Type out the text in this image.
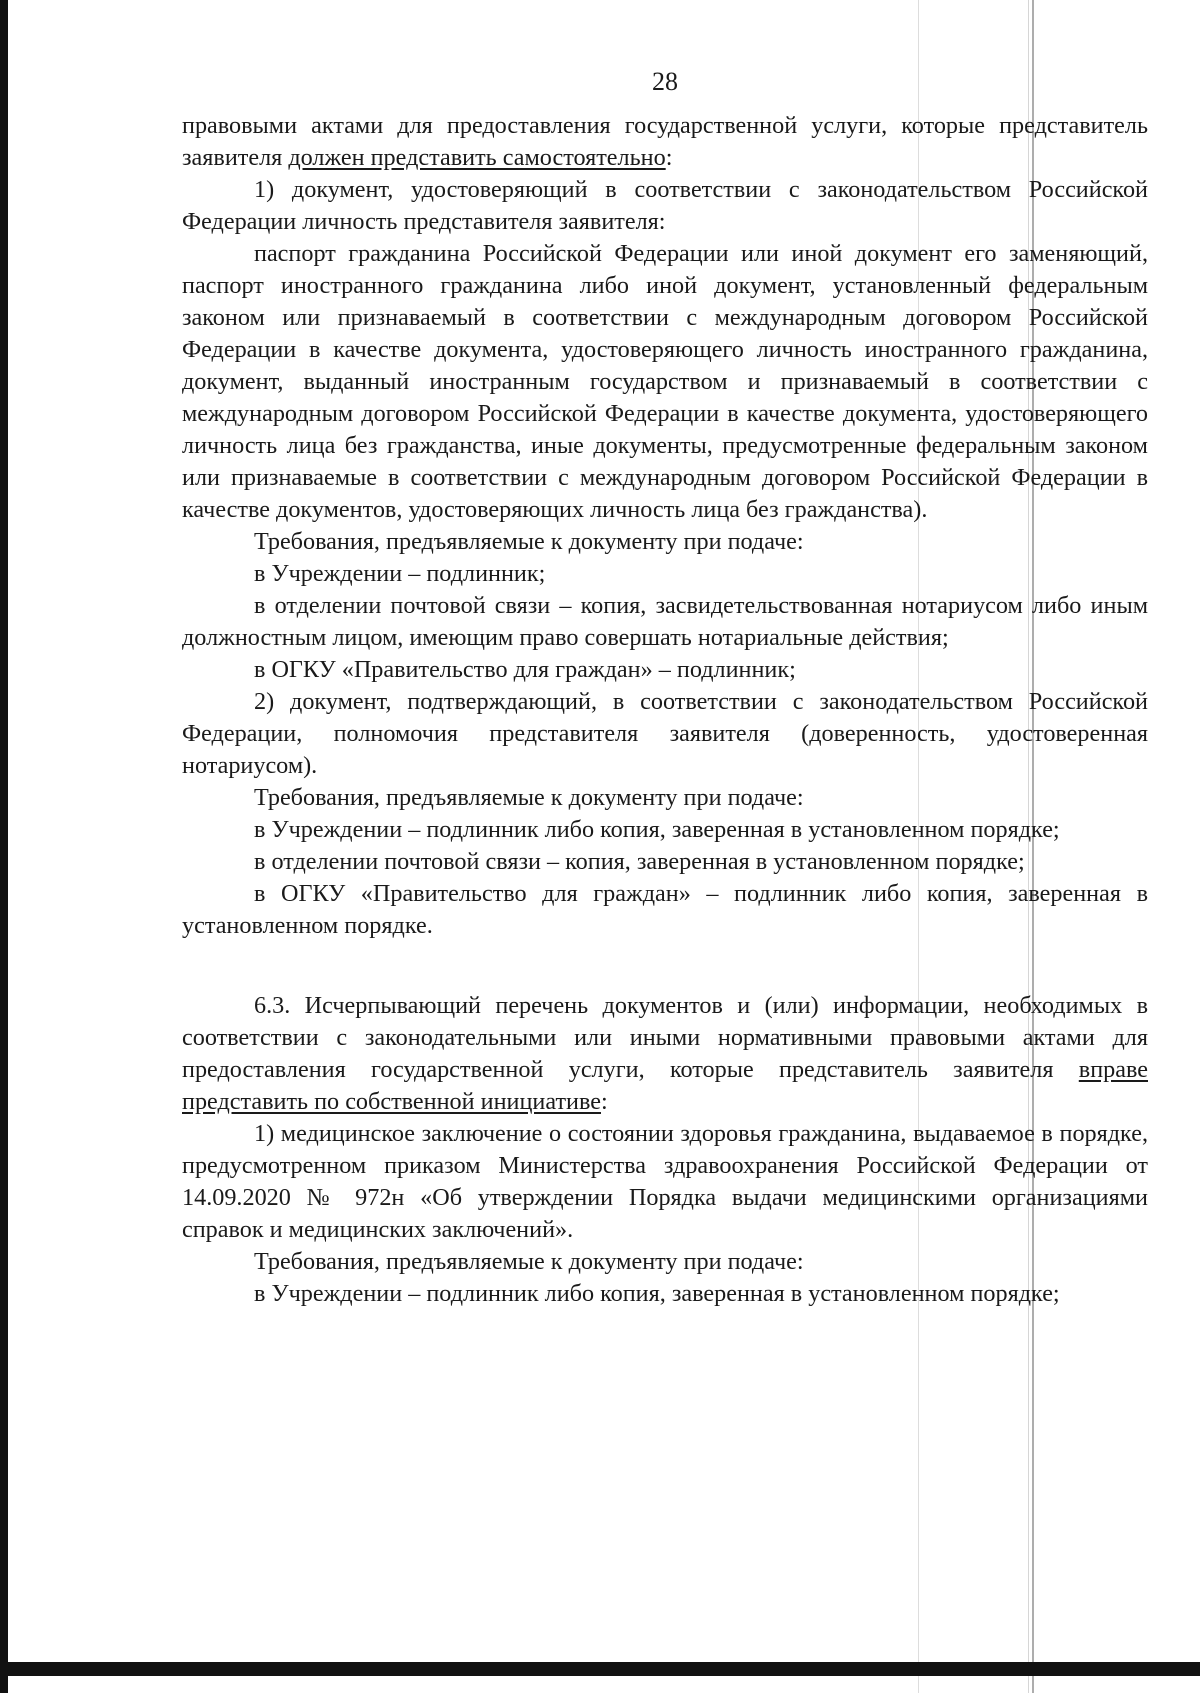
28

правовыми актами для предоставления государственной услуги, которые представитель заявителя должен представить самостоятельно:

1) документ, удостоверяющий в соответствии с законодательством Российской Федерации личность представителя заявителя:

паспорт гражданина Российской Федерации или иной документ его заменяющий, паспорт иностранного гражданина либо иной документ, установленный федеральным законом или признаваемый в соответствии с международным договором Российской Федерации в качестве документа, удостоверяющего личность иностранного гражданина, документ, выданный иностранным государством и признаваемый в соответствии с международным договором Российской Федерации в качестве документа, удостоверяющего личность лица без гражданства, иные документы, предусмотренные федеральным законом или признаваемые в соответствии с международным договором Российской Федерации в качестве документов, удостоверяющих личность лица без гражданства).

Требования, предъявляемые к документу при подаче:

в Учреждении – подлинник;

в отделении почтовой связи – копия, засвидетельствованная нотариусом либо иным должностным лицом, имеющим право совершать нотариальные действия;

в ОГКУ «Правительство для граждан» – подлинник;

2) документ, подтверждающий, в соответствии с законодательством Российской Федерации, полномочия представителя заявителя (доверенность, удостоверенная нотариусом).

Требования, предъявляемые к документу при подаче:

в Учреждении – подлинник либо копия, заверенная в установленном порядке;

в отделении почтовой связи – копия, заверенная в установленном порядке;

в ОГКУ «Правительство для граждан» – подлинник либо копия, заверенная в установленном порядке.

6.3. Исчерпывающий перечень документов и (или) информации, необходимых в соответствии с законодательными или иными нормативными правовыми актами для предоставления государственной услуги, которые представитель заявителя вправе представить по собственной инициативе:

1) медицинское заключение о состоянии здоровья гражданина, выдаваемое в порядке, предусмотренном приказом Министерства здравоохранения Российской Федерации от 14.09.2020 № 972н «Об утверждении Порядка выдачи медицинскими организациями справок и медицинских заключений».

Требования, предъявляемые к документу при подаче:

в Учреждении – подлинник либо копия, заверенная в установленном порядке;
